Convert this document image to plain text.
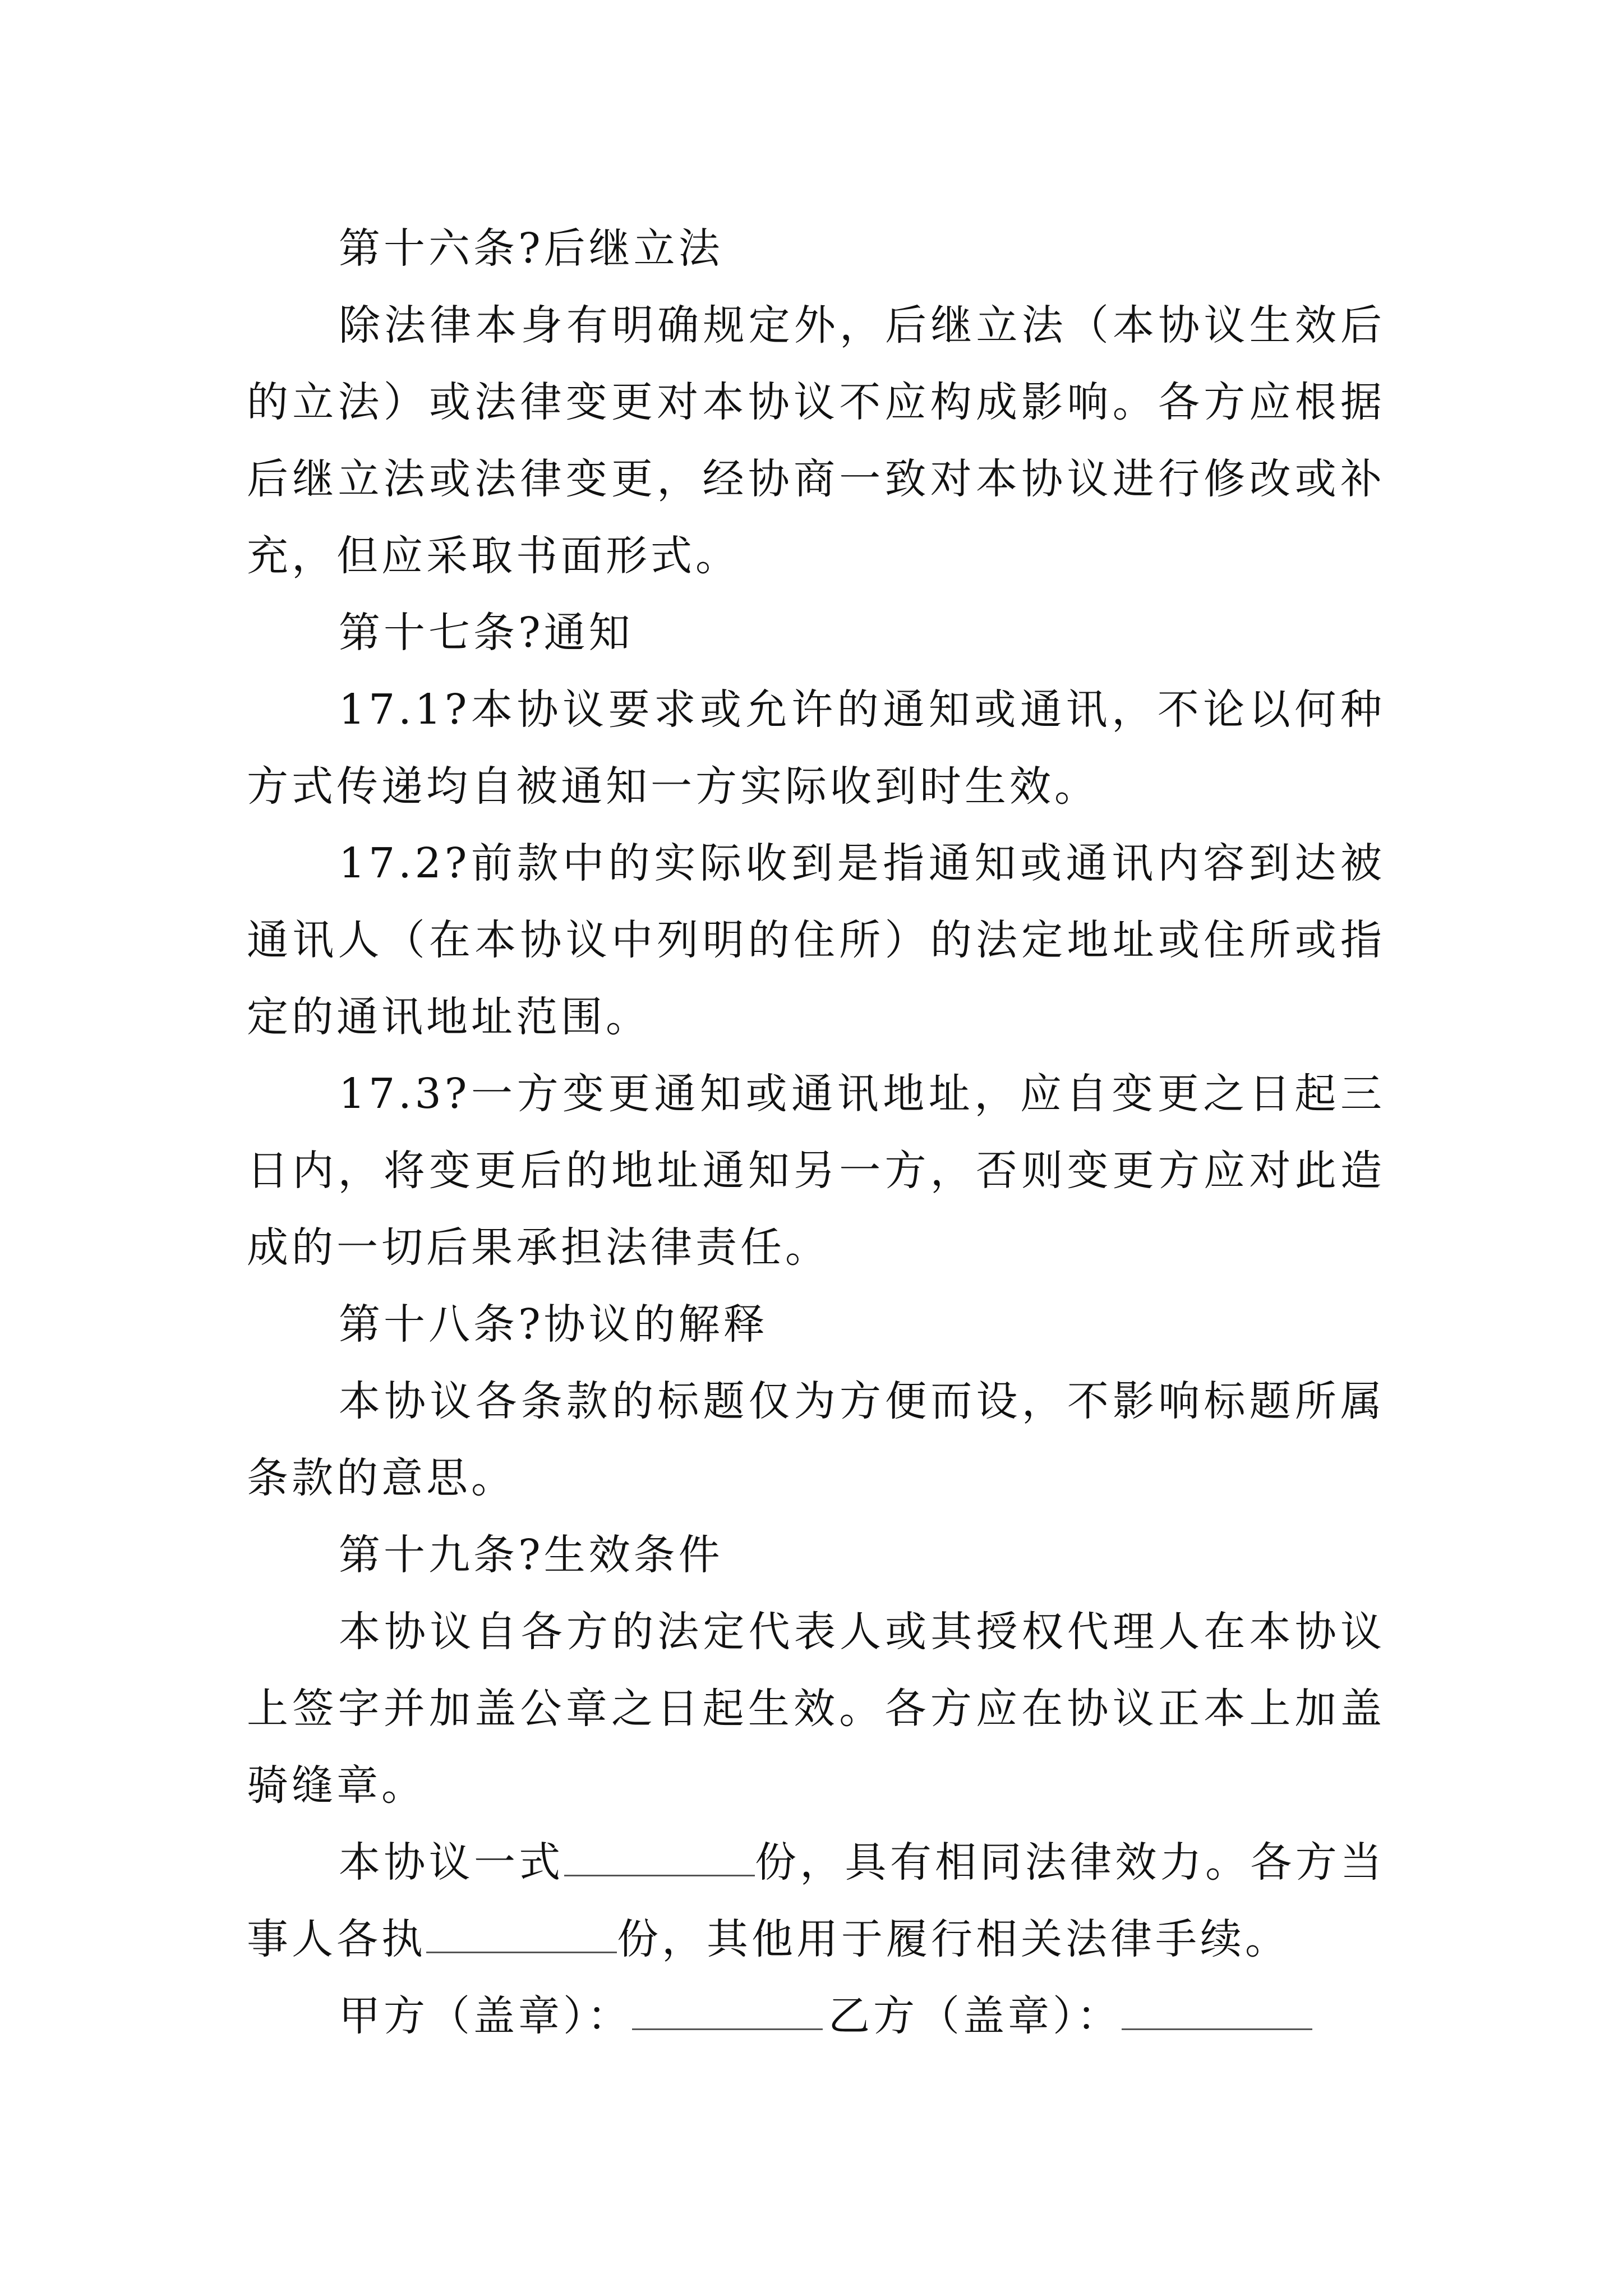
第十六条?后继立法

除法律本身有明确规定外，后继立法（本协议生效后的立法）或法律变更对本协议不应构成影响。各方应根据后继立法或法律变更，经协商一致对本协议进行修改或补充，但应采取书面形式。

第十七条?通知

17.1?本协议要求或允许的通知或通讯，不论以何种方式传递均自被通知一方实际收到时生效。

17.2?前款中的实际收到是指通知或通讯内容到达被通讯人（在本协议中列明的住所）的法定地址或住所或指定的通讯地址范围。

17.3?一方变更通知或通讯地址，应自变更之日起三日内，将变更后的地址通知另一方，否则变更方应对此造成的一切后果承担法律责任。

第十八条?协议的解释

本协议各条款的标题仅为方便而设，不影响标题所属条款的意思。

第十九条?生效条件

本协议自各方的法定代表人或其授权代理人在本协议上签字并加盖公章之日起生效。各方应在协议正本上加盖骑缝章。

本协议一式	份，具有相同法律效力。各方当事人各执	份，其他用于履行相关法律手续。

甲方（盖章）：	乙方（盖章）：
